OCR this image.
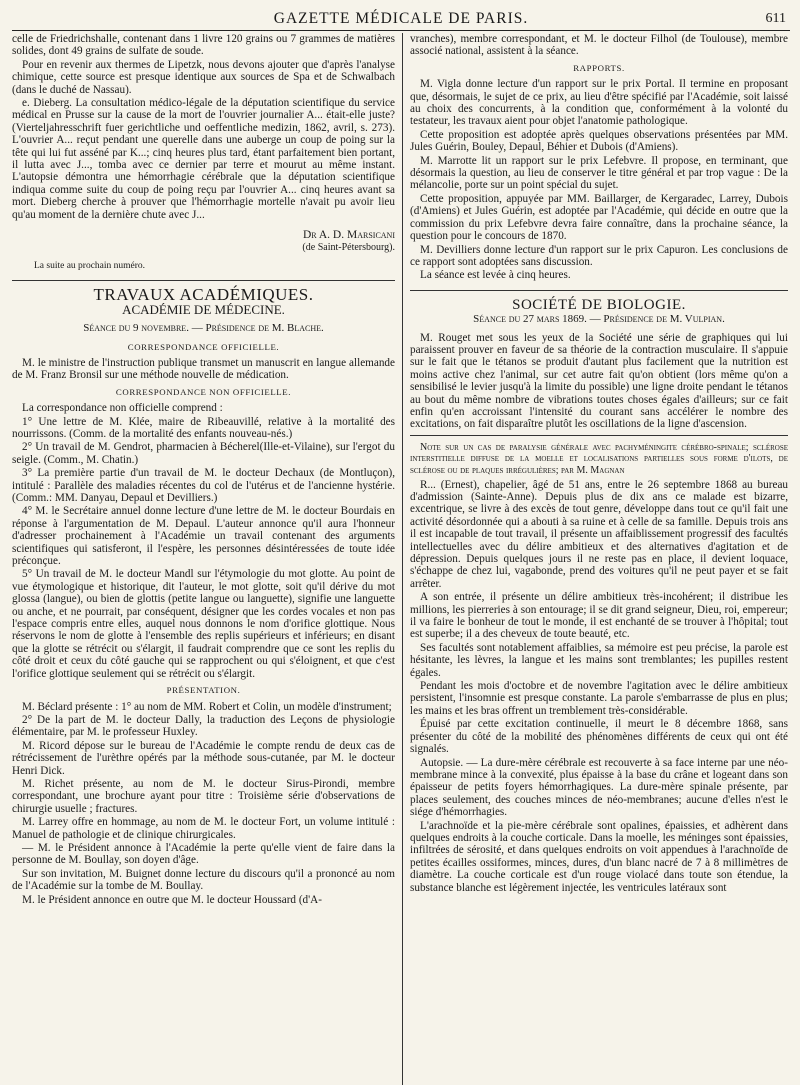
GAZETTE MÉDICALE DE PARIS.	611

celle de Friedrichshalle, contenant dans 1 livre 120 grains ou 7 grammes de matières solides, dont 49 grains de sulfate de soude.

Pour en revenir aux thermes de Lipetzk, nous devons ajouter que d'après l'analyse chimique, cette source est presque identique aux sources de Spa et de Schwalbach (dans le duché de Nassau).

e. Dieberg. La consultation médico-légale de la députation scientifique du service médical en Prusse sur la cause de la mort de l'ouvrier journalier A... était-elle juste? (Vierteljahresschrift fuer gerichtliche und oeffentliche medizin, 1862, avril, s. 273). L'ouvrier A... reçut pendant une querelle dans une auberge un coup de poing sur la tête qui lui fut asséné par K...; cinq heures plus tard, étant parfaitement bien portant, il lutta avec J..., tomba avec ce dernier par terre et mourut au même instant. L'autopsie démontra une hémorrhagie cérébrale que la députation scientifique indiqua comme suite du coup de poing reçu par l'ouvrier A... cinq heures avant sa mort. Dieberg cherche à prouver que l'hémorrhagie mortelle n'avait pu avoir lieu qu'au moment de la dernière chute avec J...

Dr A. D. Marsicani
(de Saint-Pétersbourg).
La suite au prochain numéro.
TRAVAUX ACADÉMIQUES.
ACADÉMIE DE MÉDECINE.
Séance du 9 novembre. — Présidence de M. Blache.
CORRESPONDANCE OFFICIELLE.

M. le ministre de l'instruction publique transmet un manuscrit en langue allemande de M. Franz Bronsil sur une méthode nouvelle de médication.

CORRESPONDANCE NON OFFICIELLE.

La correspondance non officielle comprend :

1° Une lettre de M. Klée, maire de Ribeauvillé, relative à la mortalité des nourrissons. (Comm. de la mortalité des enfants nouveau-nés.)

2° Un travail de M. Gendrot, pharmacien à Bécherel(Ille-et-Vilaine), sur l'ergot du seigle. (Comm., M. Chatin.)

3° La première partie d'un travail de M. le docteur Dechaux (de Montluçon), intitulé : Parallèle des maladies récentes du col de l'utérus et de l'ancienne hystérie. (Comm.: MM. Danyau, Depaul et Devilliers.)

4° M. le Secrétaire annuel donne lecture d'une lettre de M. le docteur Bourdais en réponse à l'argumentation de M. Depaul. L'auteur annonce qu'il aura l'honneur d'adresser prochainement à l'Académie un travail contenant des arguments scientifiques qui satisferont, il l'espère, les personnes désintéressées de toute idée préconçue.

5° Un travail de M. le docteur Mandl sur l'étymologie du mot glotte. Au point de vue étymologique et historique, dit l'auteur, le mot glotte, soit qu'il dérive du mot glossa (langue), ou bien de glottis (petite langue ou languette), signifie une languette ou anche, et ne pourrait, par conséquent, désigner que les cordes vocales et non pas l'espace compris entre elles, auquel nous donnons le nom d'orifice glottique. Nous réservons le nom de glotte à l'ensemble des replis supérieurs et inférieurs; en disant que la glotte se rétrécit ou s'élargit, il faudrait comprendre que ce sont les replis du côté droit et ceux du côté gauche qui se rapprochent ou qui s'éloignent, et que c'est l'orifice glottique seulement qui se rétrécit ou s'élargit.

PRÉSENTATION.

M. Béclard présente : 1° au nom de MM. Robert et Colin, un modèle d'instrument;

2° De la part de M. le docteur Dally, la traduction des Leçons de physiologie élémentaire, par M. le professeur Huxley.

M. Ricord dépose sur le bureau de l'Académie le compte rendu de deux cas de rétrécissement de l'urèthre opérés par la méthode sous-cutanée, par M. le docteur Henri Dick.

M. Richet présente, au nom de M. le docteur Sirus-Pirondi, membre correspondant, une brochure ayant pour titre : Troisième série d'observations de chirurgie usuelle ; fractures.

M. Larrey offre en hommage, au nom de M. le docteur Fort, un volume intitulé : Manuel de pathologie et de clinique chirurgicales.

— M. le Président annonce à l'Académie la perte qu'elle vient de faire dans la personne de M. Boullay, son doyen d'âge.

Sur son invitation, M. Buignet donne lecture du discours qu'il a prononcé au nom de l'Académie sur la tombe de M. Boullay.

M. le Président annonce en outre que M. le docteur Houssard (d'A-

vranches), membre correspondant, et M. le docteur Filhol (de Toulouse), membre associé national, assistent à la séance.

RAPPORTS.

M. Vigla donne lecture d'un rapport sur le prix Portal. Il termine en proposant que, désormais, le sujet de ce prix, au lieu d'être spécifié par l'Académie, soit laissé au choix des concurrents, à la condition que, conformément à la volonté du testateur, les travaux aient pour objet l'anatomie pathologique.

Cette proposition est adoptée après quelques observations présentées par MM. Jules Guérin, Bouley, Depaul, Béhier et Dubois (d'Amiens).

M. Marrotte lit un rapport sur le prix Lefebvre. Il propose, en terminant, que désormais la question, au lieu de conserver le titre général et par trop vague : De la mélancolie, porte sur un point spécial du sujet.

Cette proposition, appuyée par MM. Baillarger, de Kergaradec, Larrey, Dubois (d'Amiens) et Jules Guérin, est adoptée par l'Académie, qui décide en outre que la commission du prix Lefebvre devra faire connaître, dans la prochaine séance, la question pour le concours de 1870.

M. Devilliers donne lecture d'un rapport sur le prix Capuron. Les conclusions de ce rapport sont adoptées sans discussion.

La séance est levée à cinq heures.

SOCIÉTÉ DE BIOLOGIE.
Séance du 27 mars 1869. — Présidence de M. Vulpian.

M. Rouget met sous les yeux de la Société une série de graphiques qui lui paraissent prouver en faveur de sa théorie de la contraction musculaire. Il s'appuie sur le fait que le tétanos se produit d'autant plus facilement que la nutrition est moins active chez l'animal, sur cet autre fait qu'on obtient (lors même qu'on a sensibilisé le levier jusqu'à la limite du possible) une ligne droite pendant le tétanos au bout du même nombre de vibrations toutes choses égales d'ailleurs; sur ce fait enfin qu'en accroissant l'intensité du courant sans accélérer le nombre des excitations, on fait disparaître plutôt les oscillations de la ligne d'ascension.

Note sur un cas de paralysie générale avec pachyméningite cérébro-spinale; sclérose interstitielle diffuse de la moelle et localisations partielles sous forme d'ilots, de sclérose ou de plaques irrégulières; par M. Magnan

R... (Ernest), chapelier, âgé de 51 ans, entre le 26 septembre 1868 au bureau d'admission (Sainte-Anne). Depuis plus de dix ans ce malade est bizarre, excentrique, se livre à des excès de tout genre, développe dans tout ce qu'il fait une activité désordonnée qui a abouti à sa ruine et à celle de sa famille. Depuis trois ans il est incapable de tout travail, il présente un affaiblissement progressif des facultés intellectuelles avec du délire ambitieux et des alternatives d'agitation et de dépression. Depuis quelques jours il ne reste pas en place, il devient loquace, s'échappe de chez lui, vagabonde, prend des voitures qu'il ne peut payer et se fait arrêter.

A son entrée, il présente un délire ambitieux très-incohérent; il distribue les millions, les pierreries à son entourage; il se dit grand seigneur, Dieu, roi, empereur; il va faire le bonheur de tout le monde, il est enchanté de se trouver à l'hôpital; tout est superbe; il a des cheveux de toute beauté, etc.

Ses facultés sont notablement affaiblies, sa mémoire est peu précise, la parole est hésitante, les lèvres, la langue et les mains sont tremblantes; les pupilles restent égales.

Pendant les mois d'octobre et de novembre l'agitation avec le délire ambitieux persistent, l'insomnie est presque constante. La parole s'embarrasse de plus en plus; les mains et les bras offrent un tremblement très-considérable.

Épuisé par cette excitation continuelle, il meurt le 8 décembre 1868, sans présenter du côté de la mobilité des phénomènes différents de ceux qui ont été signalés.

Autopsie. — La dure-mère cérébrale est recouverte à sa face interne par une néo-membrane mince à la convexité, plus épaisse à la base du crâne et logeant dans son épaisseur de petits foyers hémorrhagiques. La dure-mère spinale présente, par places seulement, des couches minces de néo-membranes; aucune d'elles n'est le siége d'hémorrhagies.

L'arachnoïde et la pie-mère cérébrale sont opalines, épaissies, et adhèrent dans quelques endroits à la couche corticale. Dans la moelle, les méninges sont épaissies, infiltrées de sérosité, et dans quelques endroits on voit appendues à l'arachnoïde de petites écailles ossiformes, minces, dures, d'un blanc nacré de 7 à 8 millimètres de diamètre. La couche corticale est d'un rouge violacé dans toute son étendue, la substance blanche est légèrement injectée, les ventricules latéraux sont
